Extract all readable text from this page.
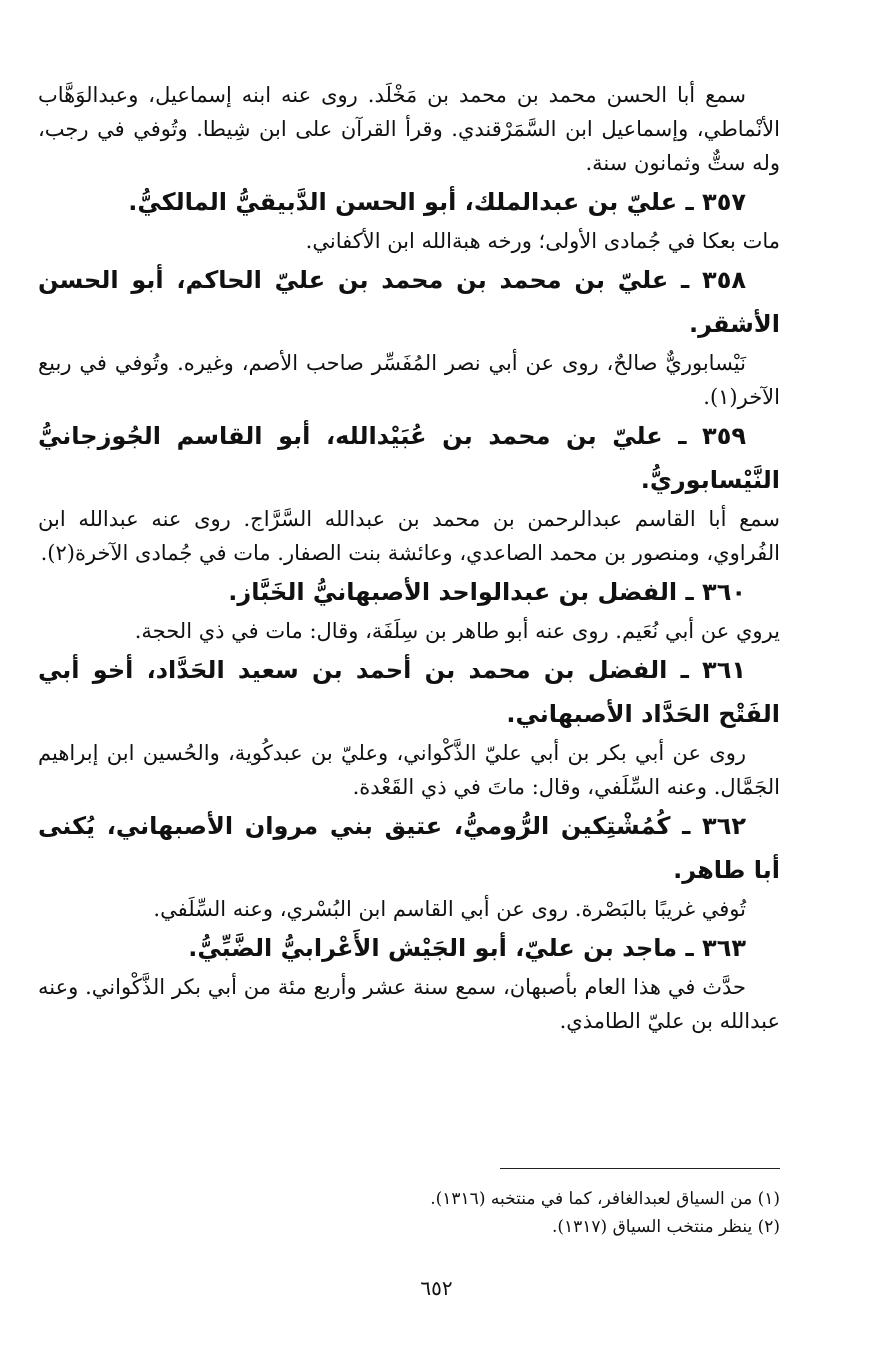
سمع أبا الحسن محمد بن محمد بن مَخْلَد. روى عنه ابنه إسماعيل، وعبدالوَهَّاب الأنْماطي، وإسماعيل ابن السَّمَرْقندي. وقرأ القرآن على ابن شِيطا. وتُوفي في رجب، وله ستٌّ وثمانون سنة.

٣٥٧ ـ عليّ بن عبدالملك، أبو الحسن الدَّبيقيُّ المالكيُّ.

مات بعكا في جُمادى الأولى؛ ورخه هبةالله ابن الأكفاني.

٣٥٨ ـ عليّ بن محمد بن محمد بن عليّ الحاكم، أبو الحسن الأشقر.

نَيْسابوريٌّ صالحٌ، روى عن أبي نصر المُفَسِّر صاحب الأصم، وغيره. وتُوفي في ربيع الآخر(١).

٣٥٩ ـ عليّ بن محمد بن عُبَيْدالله، أبو القاسم الجُوزجانيُّ النَّيْسابوريُّ.

سمع أبا القاسم عبدالرحمن بن محمد بن عبدالله السَّرَّاج. روى عنه عبدالله ابن الفُراوي، ومنصور بن محمد الصاعدي، وعائشة بنت الصفار. مات في جُمادى الآخرة(٢).

٣٦٠ ـ الفضل بن عبدالواحد الأصبهانيُّ الخَبَّاز.

يروي عن أبي نُعَيم. روى عنه أبو طاهر بن سِلَفَة، وقال: مات في ذي الحجة.

٣٦١ ـ الفضل بن محمد بن أحمد بن سعيد الحَدَّاد، أخو أبي الفَتْح الحَدَّاد الأصبهاني.

روى عن أبي بكر بن أبي عليّ الذَّكْواني، وعليّ بن عبدكُوية، والحُسين ابن إبراهيم الجَمَّال. وعنه السِّلَفي، وقال: ماتَ في ذي القَعْدة.

٣٦٢ ـ كُمُشْتِكين الرُّوميُّ، عتيق بني مروان الأصبهاني، يُكنى أبا طاهر.

تُوفي غريبًا بالبَصْرة. روى عن أبي القاسم ابن البُسْري، وعنه السِّلَفي.

٣٦٣ ـ ماجد بن عليّ، أبو الجَيْش الأَعْرابيُّ الضَّبِّيُّ.

حدَّث في هذا العام بأصبهان، سمع سنة عشر وأربع مئة من أبي بكر الذَّكْواني. وعنه عبدالله بن عليّ الطامذي.

(١) من السياق لعبدالغافر، كما في منتخبه (١٣١٦).

(٢) ينظر منتخب السياق (١٣١٧).

٦٥٢
